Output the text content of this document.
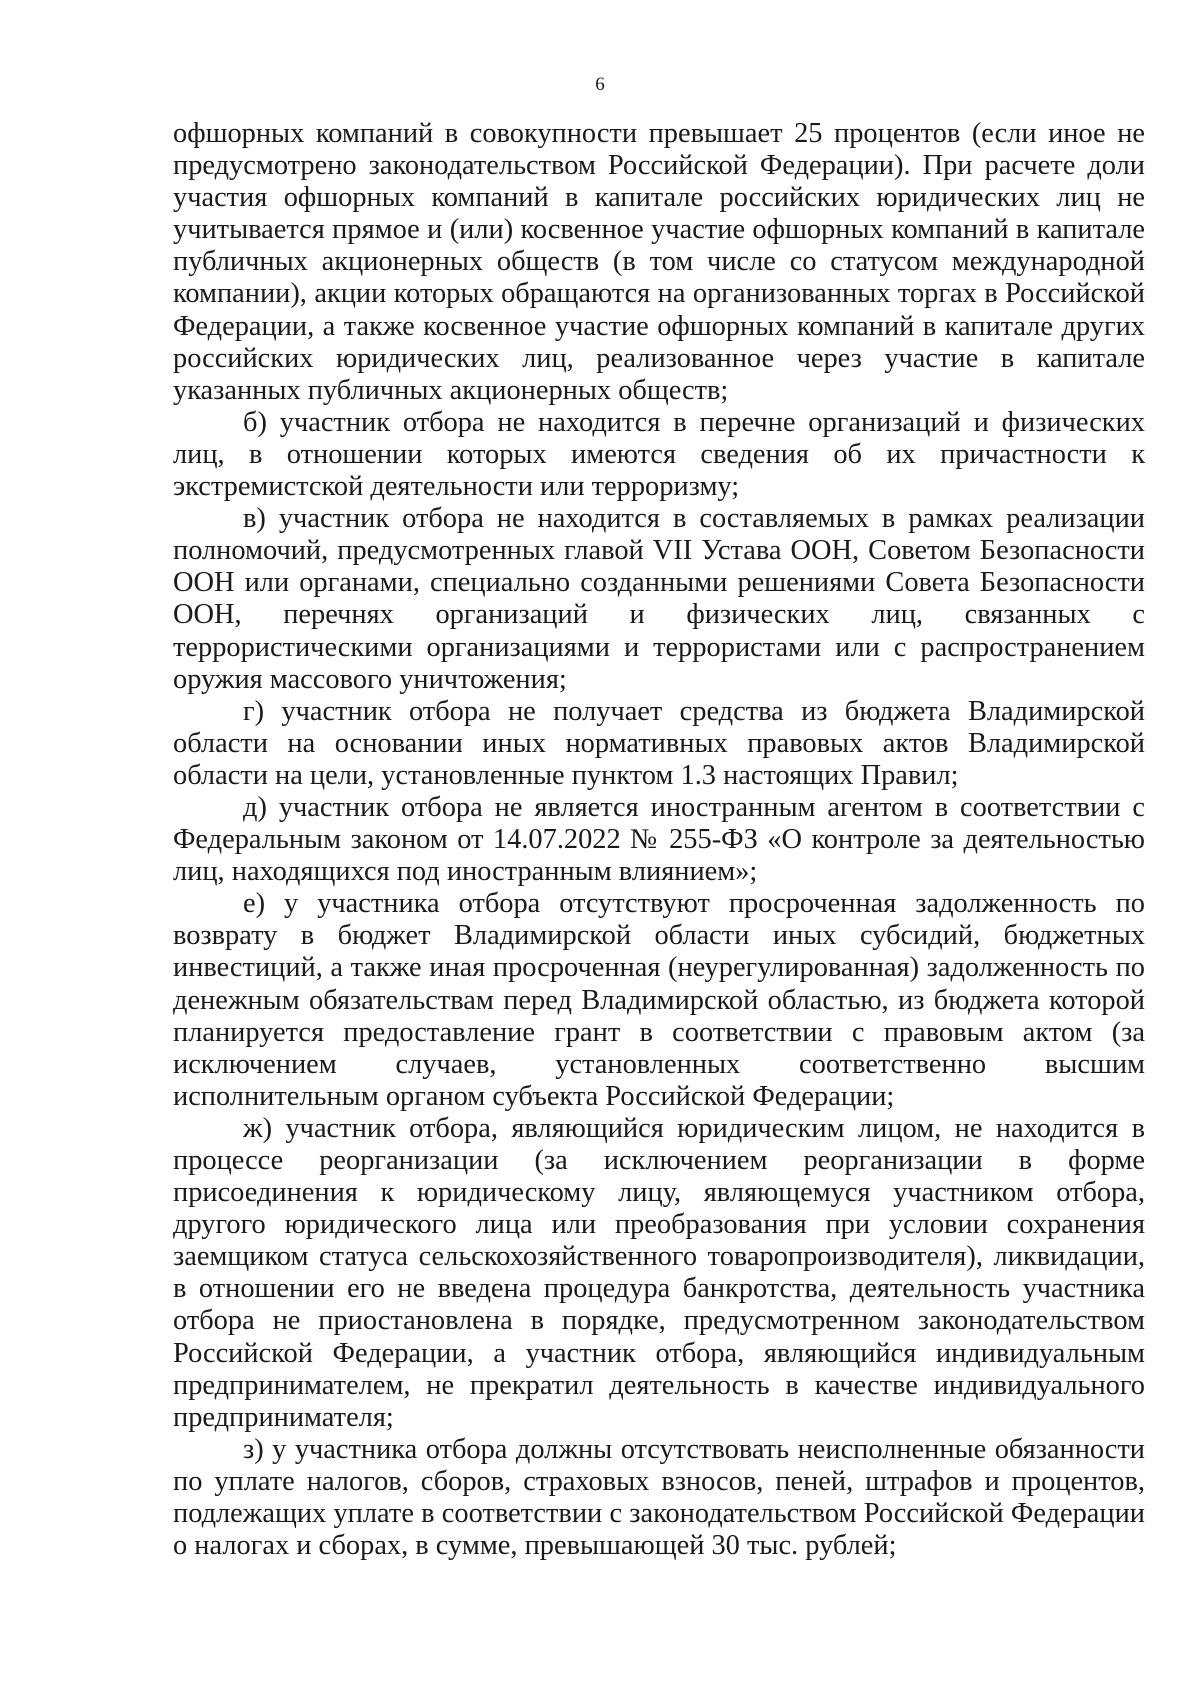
6

офшорных компаний в совокупности превышает 25 процентов (если иное не предусмотрено законодательством Российской Федерации). При расчете доли участия офшорных компаний в капитале российских юридических лиц не учитывается прямое и (или) косвенное участие офшорных компаний в капитале публичных акционерных обществ (в том числе со статусом международной компании), акции которых обращаются на организованных торгах в Российской Федерации, а также косвенное участие офшорных компаний в капитале других российских юридических лиц, реализованное через участие в капитале указанных публичных акционерных обществ;

б) участник отбора не находится в перечне организаций и физических лиц, в отношении которых имеются сведения об их причастности к экстремистской деятельности или терроризму;

в) участник отбора не находится в составляемых в рамках реализации полномочий, предусмотренных главой VII Устава ООН, Советом Безопасности ООН или органами, специально созданными решениями Совета Безопасности ООН, перечнях организаций и физических лиц, связанных с террористическими организациями и террористами или с распространением оружия массового уничтожения;

г) участник отбора не получает средства из бюджета Владимирской области на основании иных нормативных правовых актов Владимирской области на цели, установленные пунктом 1.3 настоящих Правил;

д) участник отбора не является иностранным агентом в соответствии с Федеральным законом от 14.07.2022 № 255-ФЗ «О контроле за деятельностью лиц, находящихся под иностранным влиянием»;

е) у участника отбора отсутствуют просроченная задолженность по возврату в бюджет Владимирской области иных субсидий, бюджетных инвестиций, а также иная просроченная (неурегулированная) задолженность по денежным обязательствам перед Владимирской областью, из бюджета которой планируется предоставление грант в соответствии с правовым актом (за исключением случаев, установленных соответственно высшим исполнительным органом субъекта Российской Федерации;

ж) участник отбора, являющийся юридическим лицом, не находится в процессе реорганизации (за исключением реорганизации в форме присоединения к юридическому лицу, являющемуся участником отбора, другого юридического лица или преобразования при условии сохранения заемщиком статуса сельскохозяйственного товаропроизводителя), ликвидации, в отношении его не введена процедура банкротства, деятельность участника отбора не приостановлена в порядке, предусмотренном законодательством Российской Федерации, а участник отбора, являющийся индивидуальным предпринимателем, не прекратил деятельность в качестве индивидуального предпринимателя;

з) у участника отбора должны отсутствовать неисполненные обязанности по уплате налогов, сборов, страховых взносов, пеней, штрафов и процентов, подлежащих уплате в соответствии с законодательством Российской Федерации о налогах и сборах, в сумме, превышающей 30 тыс. рублей;
